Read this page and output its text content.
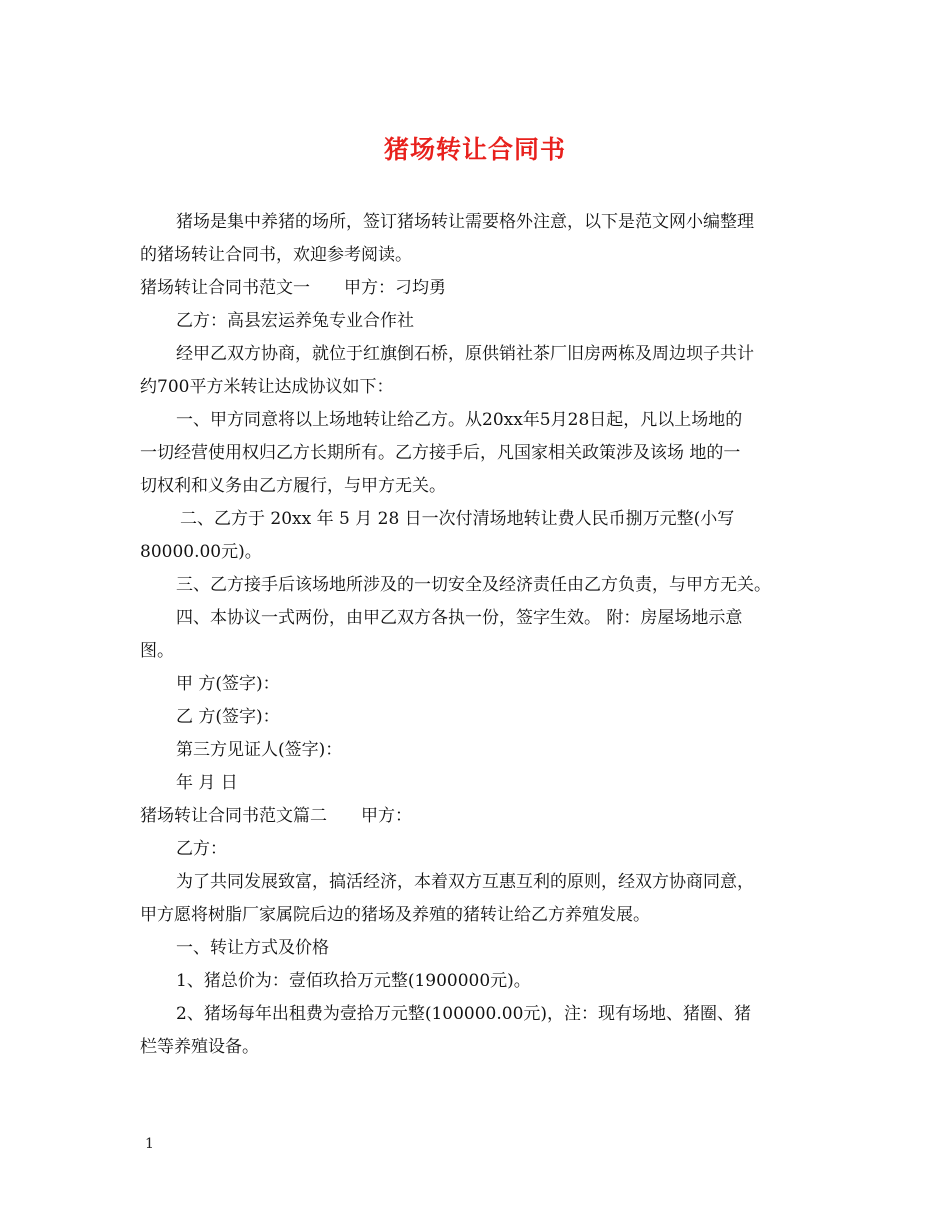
猪场转让合同书

猪场是集中养猪的场所，签订猪场转让需要格外注意，以下是范文网小编整理

的猪场转让合同书，欢迎参考阅读。

猪场转让合同书范文一　　甲方：刁均勇

乙方：高县宏运养兔专业合作社

经甲乙双方协商，就位于红旗倒石桥，原供销社茶厂旧房两栋及周边坝子共计

约700平方米转让达成协议如下：

一、甲方同意将以上场地转让给乙方。从20xx年5月28日起，凡以上场地的

一切经营使用权归乙方长期所有。乙方接手后，凡国家相关政策涉及该场 地的一

切权利和义务由乙方履行，与甲方无关。

二、乙方于 20xx 年 5 月 28 日一次付清场地转让费人民币捌万元整(小写

80000.00元)。

三、乙方接手后该场地所涉及的一切安全及经济责任由乙方负责，与甲方无关。

四、本协议一式两份，由甲乙双方各执一份，签字生效。 附：房屋场地示意

图。

甲 方(签字)：

乙 方(签字)：

第三方见证人(签字)：

年 月 日

猪场转让合同书范文篇二　　甲方：

乙方：

为了共同发展致富，搞活经济，本着双方互惠互利的原则，经双方协商同意，

甲方愿将树脂厂家属院后边的猪场及养殖的猪转让给乙方养殖发展。

一、转让方式及价格

1、猪总价为：壹佰玖拾万元整(1900000元)。

2、猪场每年出租费为壹拾万元整(100000.00元)，注：现有场地、猪圈、猪

栏等养殖设备。

1
